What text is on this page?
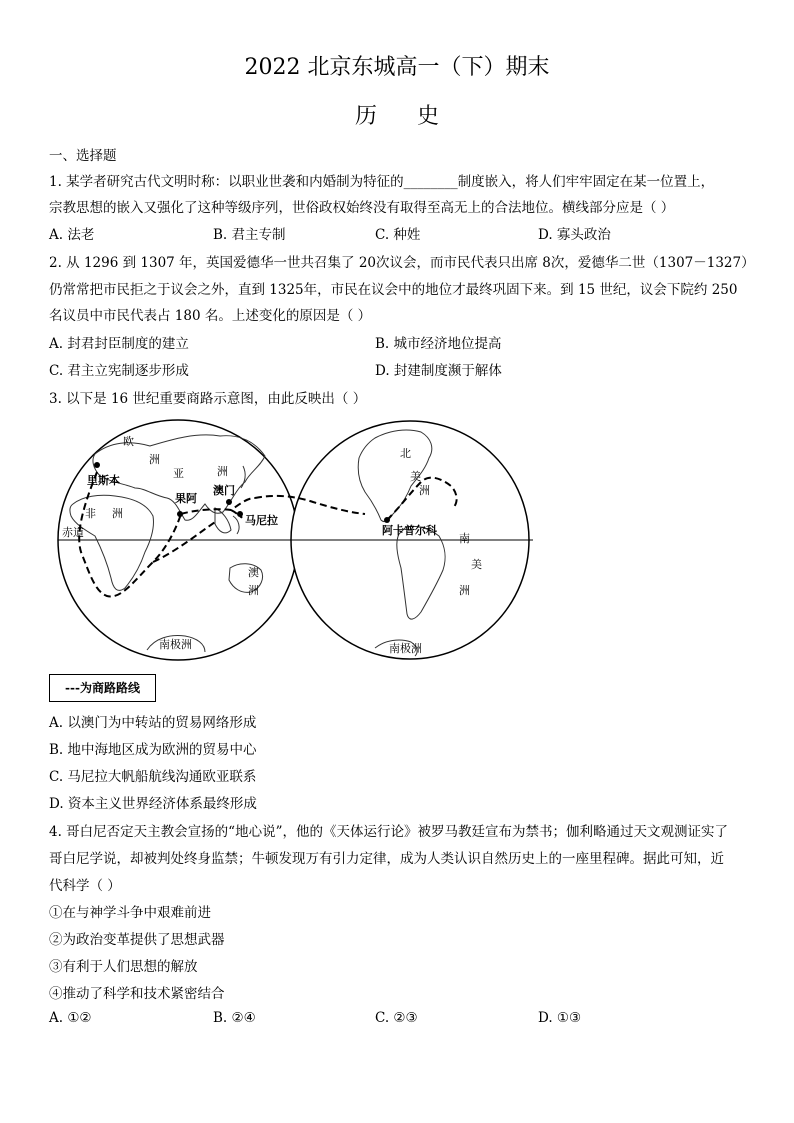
2022 北京东城高一（下）期末
历史
一、选择题
1. 某学者研究古代文明时称：以职业世袭和内婚制为特征的________制度嵌入，将人们牢牢固定在某一位置上，
宗教思想的嵌入又强化了这种等级序列，世俗政权始终没有取得至高无上的合法地位。横线部分应是（ ）
A. 法老	B. 君主专制	C. 种姓	D. 寡头政治
2. 从 1296 到 1307 年，英国爱德华一世共召集了 20次议会，而市民代表只出席 8次，爱德华二世（1307－1327）
仍常常把市民拒之于议会之外，直到 1325年，市民在议会中的地位才最终巩固下来。到 15 世纪，议会下院约 250
名议员中市民代表占 180 名。上述变化的原因是（ ）
A. 封君封臣制度的建立	B. 城市经济地位提高
C. 君主立宪制逐步形成	D. 封建制度濒于解体
3. 以下是 16 世纪重要商路示意图，由此反映出（ ）
欧
洲
亚	洲
非 洲
里斯本
果阿
澳门
马尼拉
赤道
澳
洲
南极洲
北
美
洲
阿卡普尔科
南
美
洲
南极洲
---为商路路线
A. 以澳门为中转站的贸易网络形成
B. 地中海地区成为欧洲的贸易中心
C. 马尼拉大帆船航线沟通欧亚联系
D. 资本主义世界经济体系最终形成
4. 哥白尼否定天主教会宣扬的“地心说”，他的《天体运行论》被罗马教廷宣布为禁书；伽利略通过天文观测证实了
哥白尼学说，却被判处终身监禁；牛顿发现万有引力定律，成为人类认识自然历史上的一座里程碑。据此可知，近
代科学（ ）
①在与神学斗争中艰难前进
②为政治变革提供了思想武器
③有利于人们思想的解放
④推动了科学和技术紧密结合
A. ①②	B. ②④	C. ②③	D. ①③
